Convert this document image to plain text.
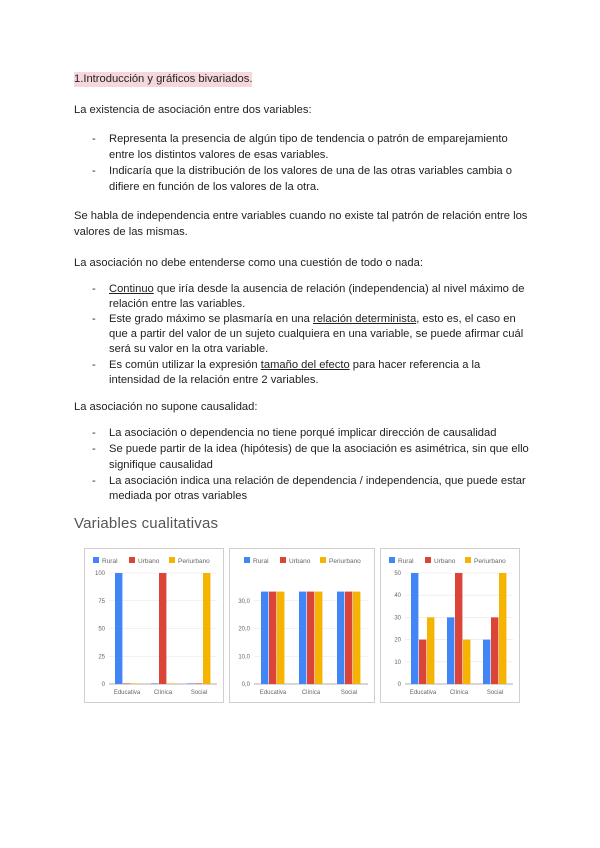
1.Introducción y gráficos bivariados.
La existencia de asociación entre dos variables:
- Representa la presencia de algún tipo de tendencia o patrón de emparejamiento
entre los distintos valores de esas variables.
- Indicaría que la distribución de los valores de una de las otras variables cambia o
difiere en función de los valores de la otra.
Se habla de independencia entre variables cuando no existe tal patrón de relación entre los
valores de las mismas.
La asociación no debe entenderse como una cuestión de todo o nada:
- Continuo que iría desde la ausencia de relación (independencia) al nivel máximo de
relación entre las variables.
- Este grado máximo se plasmaría en una relación determinista, esto es, el caso en
que a partir del valor de un sujeto cualquiera en una variable, se puede afirmar cuál
será su valor en la otra variable.
- Es común utilizar la expresión tamaño del efecto para hacer referencia a la
intensidad de la relación entre 2 variables.
La asociación no supone causalidad:
- La asociación o dependencia no tiene porqué implicar dirección de causalidad
- Se puede partir de la idea (hipótesis) de que la asociación es asimétrica, sin que ello
signifique causalidad
- La asociación indica una relación de dependencia / independencia, que puede estar
mediada por otras variables
Variables cualitativas
Rural	Urbano	Periurbano
0
25
50
75
100
Educativa Clínica	Social
Rural	Urbano	Periurbano
0,0
10,0
20,0
30,0
Educativa	Clínica	Social
Rural	Urbano	Periurbano
0
10
20
30
40
50
Educativa Clínica	Social
